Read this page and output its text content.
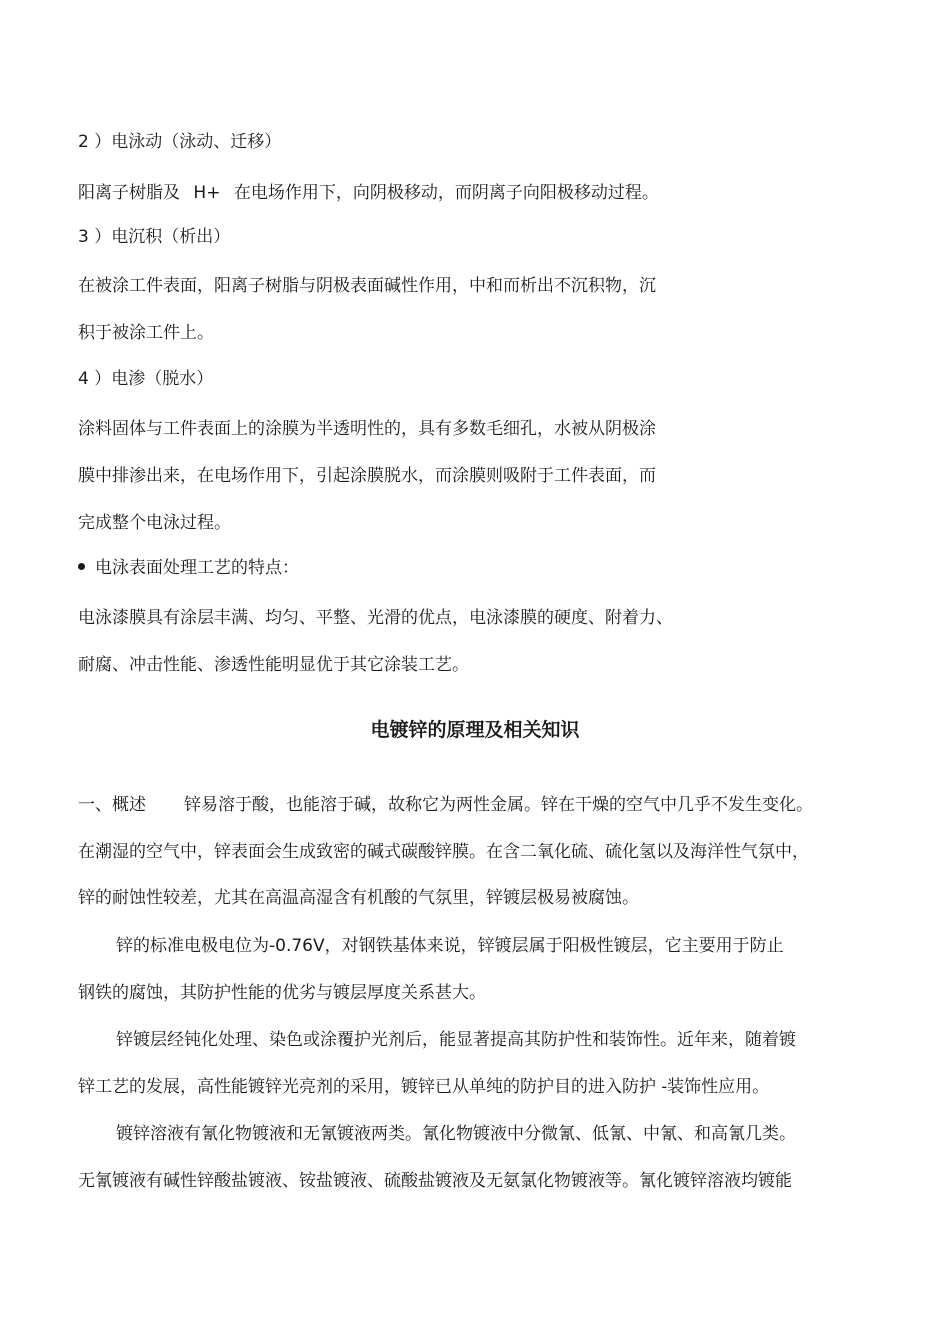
2 ）电泳动（泳动、迁移）
阳离子树脂及 H+ 在电场作用下，向阴极移动，而阴离子向阳极移动过程。
3 ）电沉积（析出）
在被涂工件表面，阳离子树脂与阴极表面碱性作用，中和而析出不沉积物，沉
积于被涂工件上。
4 ）电渗（脱水）
涂料固体与工件表面上的涂膜为半透明性的，具有多数毛细孔，水被从阴极涂
膜中排渗出来，在电场作用下，引起涂膜脱水，而涂膜则吸附于工件表面，而
完成整个电泳过程。
电泳表面处理工艺的特点：
电泳漆膜具有涂层丰满、均匀、平整、光滑的优点，电泳漆膜的硬度、附着力、
耐腐、冲击性能、渗透性能明显优于其它涂装工艺。
电镀锌的原理及相关知识
一、概述 锌易溶于酸，也能溶于碱，故称它为两性金属。锌在干燥的空气中几乎不发生变化。
在潮湿的空气中，锌表面会生成致密的碱式碳酸锌膜。在含二氧化硫、硫化氢以及海洋性气氛中，
锌的耐蚀性较差，尤其在高温高湿含有机酸的气氛里，锌镀层极易被腐蚀。
锌的标准电极电位为-0.76V，对钢铁基体来说，锌镀层属于阳极性镀层，它主要用于防止
钢铁的腐蚀，其防护性能的优劣与镀层厚度关系甚大。
锌镀层经钝化处理、染色或涂覆护光剂后，能显著提高其防护性和装饰性。近年来，随着镀
锌工艺的发展，高性能镀锌光亮剂的采用，镀锌已从单纯的防护目的进入防护 -装饰性应用。
镀锌溶液有氰化物镀液和无氰镀液两类。氰化物镀液中分微氰、低氰、中氰、和高氰几类。
无氰镀液有碱性锌酸盐镀液、铵盐镀液、硫酸盐镀液及无氨氯化物镀液等。氰化镀锌溶液均镀能
